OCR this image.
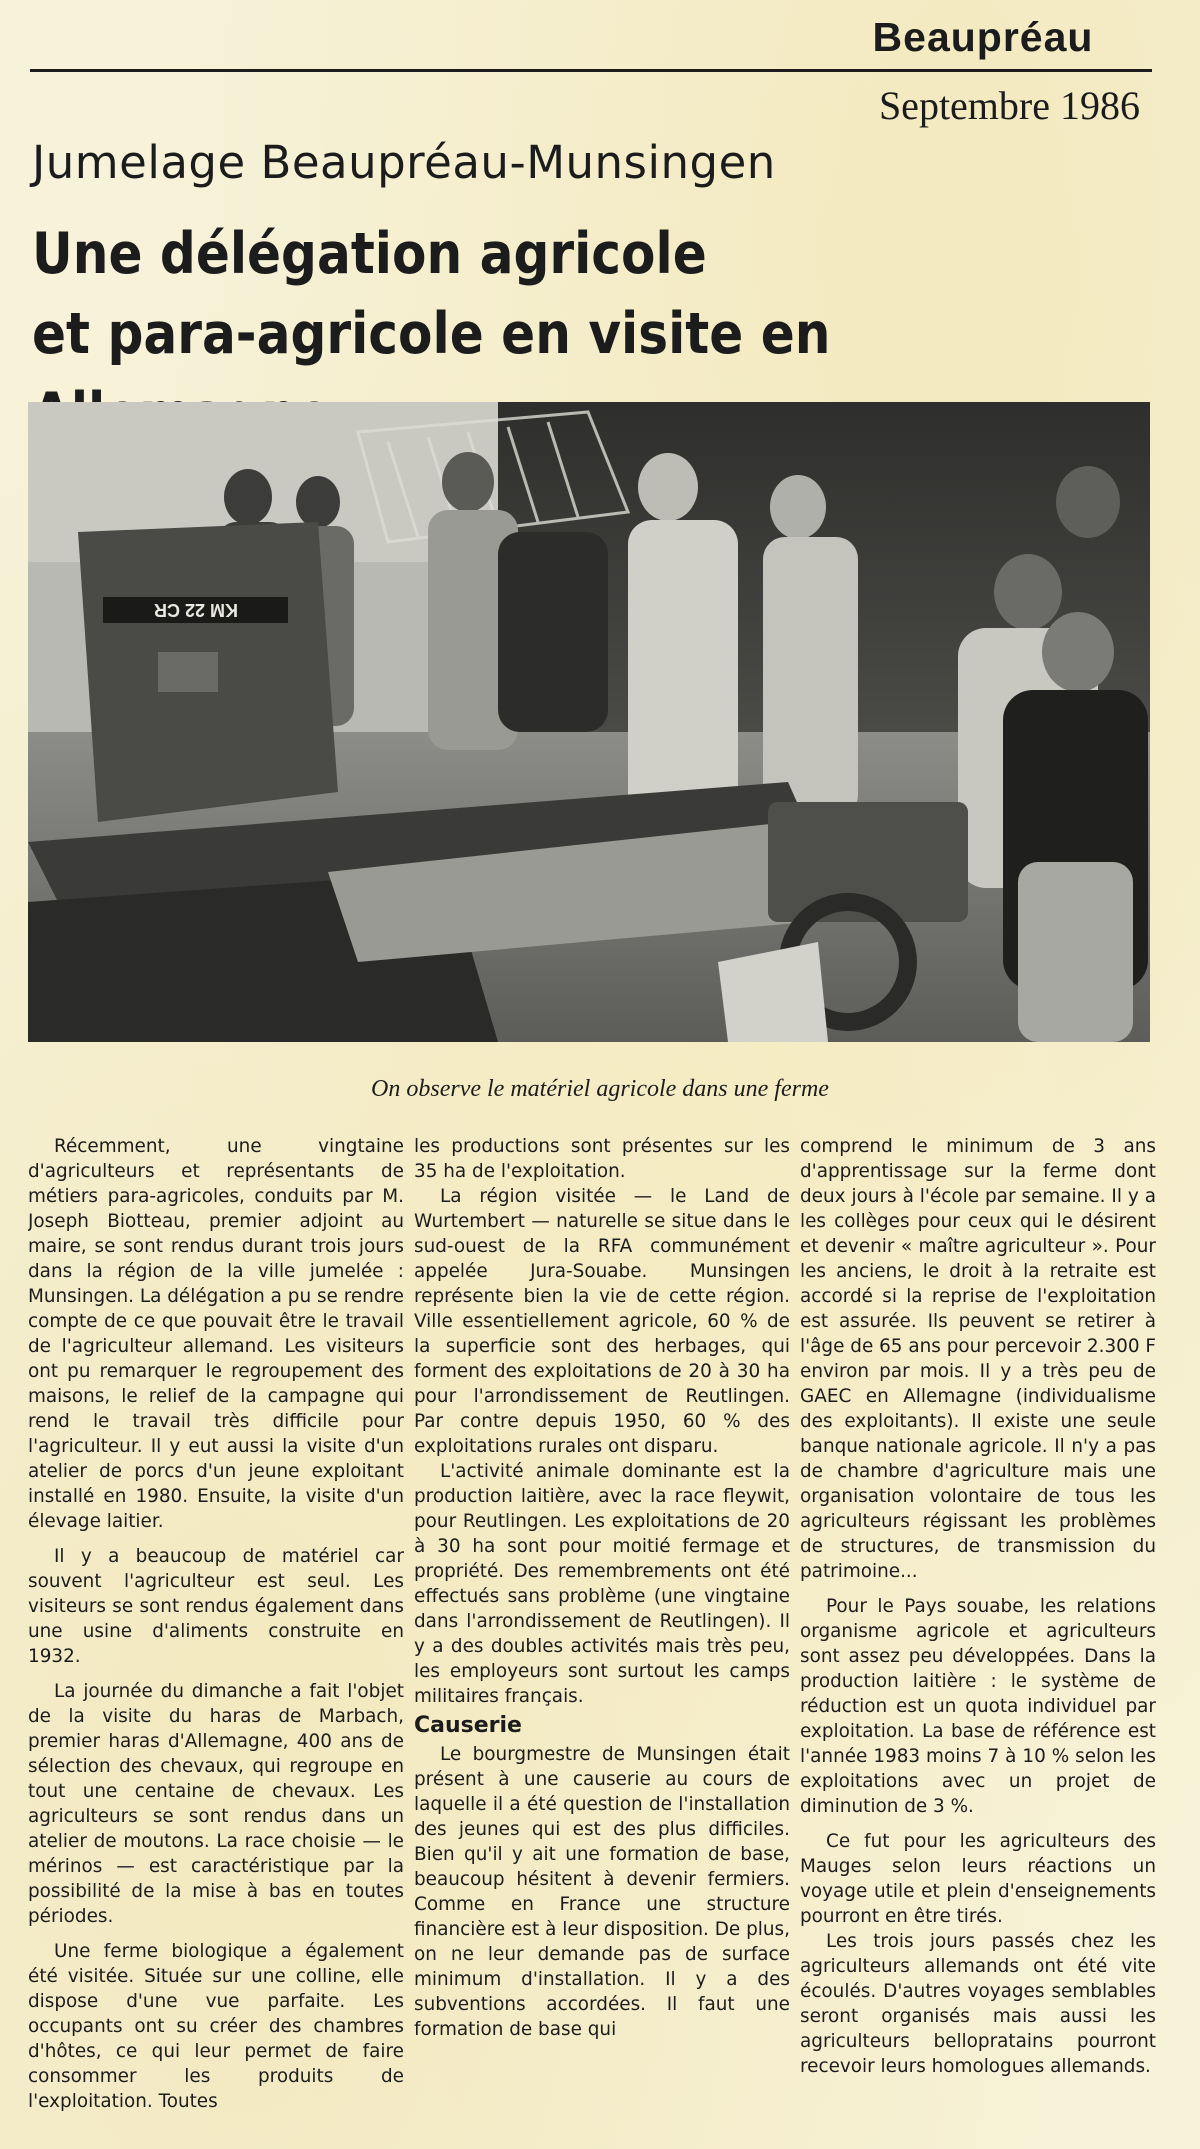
Beaupréau
Septembre 1986
Jumelage Beaupréau-Munsingen
Une délégation agricole
et para-agricole en visite en
KM 22 CR
On observe le matériel agricole dans une ferme

Récemment, une vingtaine d'agriculteurs et représentants de métiers para-agricoles, conduits par M. Joseph Biotteau, premier adjoint au maire, se sont rendus durant trois jours dans la région de la ville jumelée : Munsingen. La délégation a pu se rendre compte de ce que pouvait être le travail de l'agriculteur allemand. Les visiteurs ont pu remarquer le regroupement des maisons, le relief de la campagne qui rend le travail très difficile pour l'agriculteur. Il y eut aussi la visite d'un atelier de porcs d'un jeune exploitant installé en 1980. Ensuite, la visite d'un élevage laitier.

Il y a beaucoup de matériel car souvent l'agriculteur est seul. Les visiteurs se sont rendus également dans une usine d'aliments construite en 1932.

La journée du dimanche a fait l'objet de la visite du haras de Marbach, premier haras d'Allemagne, 400 ans de sélection des chevaux, qui regroupe en tout une centaine de chevaux. Les agriculteurs se sont rendus dans un atelier de moutons. La race choisie — le mérinos — est caractéristique par la possibilité de la mise à bas en toutes périodes.

Une ferme biologique a également été visitée. Située sur une colline, elle dispose d'une vue parfaite. Les occupants ont su créer des chambres d'hôtes, ce qui leur permet de faire consommer les produits de l'exploitation. Toutes

les productions sont présentes sur les 35 ha de l'exploitation.

La région visitée — le Land de Wurtembert — naturelle se situe dans le sud-ouest de la RFA communément appelée Jura-Souabe. Munsingen représente bien la vie de cette région. Ville essentiellement agricole, 60 % de la superficie sont des herbages, qui forment des exploitations de 20 à 30 ha pour l'arrondissement de Reutlingen. Par contre depuis 1950, 60 % des exploitations rurales ont disparu.

L'activité animale dominante est la production laitière, avec la race fleywit, pour Reutlingen. Les exploitations de 20 à 30 ha sont pour moitié fermage et propriété. Des remembrements ont été effectués sans problème (une vingtaine dans l'arrondissement de Reutlingen). Il y a des doubles activités mais très peu, les employeurs sont surtout les camps militaires français.

Causerie

Le bourgmestre de Munsingen était présent à une causerie au cours de laquelle il a été question de l'installation des jeunes qui est des plus difficiles. Bien qu'il y ait une formation de base, beaucoup hésitent à devenir fermiers. Comme en France une structure financière est à leur disposition. De plus, on ne leur demande pas de surface minimum d'installation. Il y a des subventions accordées. Il faut une formation de base qui

comprend le minimum de 3 ans d'apprentissage sur la ferme dont deux jours à l'école par semaine. Il y a les collèges pour ceux qui le désirent et devenir « maître agriculteur ». Pour les anciens, le droit à la retraite est accordé si la reprise de l'exploitation est assurée. Ils peuvent se retirer à l'âge de 65 ans pour percevoir 2.300 F environ par mois. Il y a très peu de GAEC en Allemagne (individualisme des exploitants). Il existe une seule banque nationale agricole. Il n'y a pas de chambre d'agriculture mais une organisation volontaire de tous les agriculteurs régissant les problèmes de structures, de transmission du patrimoine...

Pour le Pays souabe, les relations organisme agricole et agriculteurs sont assez peu développées. Dans la production laitière : le système de réduction est un quota individuel par exploitation. La base de référence est l'année 1983 moins 7 à 10 % selon les exploitations avec un projet de diminution de 3 %.

Ce fut pour les agriculteurs des Mauges selon leurs réactions un voyage utile et plein d'enseignements pourront en être tirés.

Les trois jours passés chez les agriculteurs allemands ont été vite écoulés. D'autres voyages semblables seront organisés mais aussi les agriculteurs bellopratains pourront recevoir leurs homologues allemands.
